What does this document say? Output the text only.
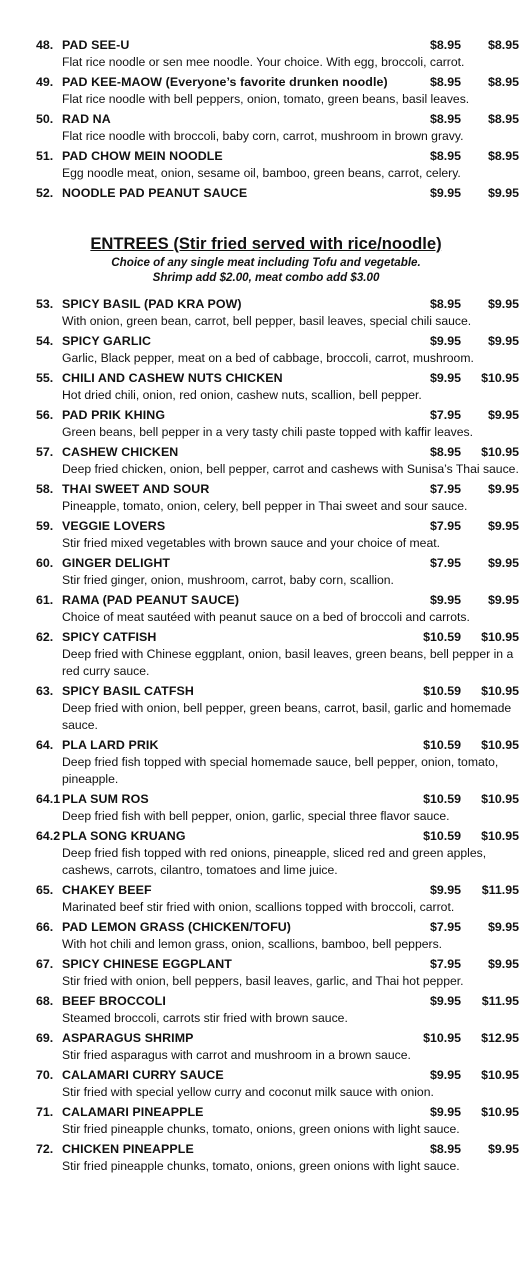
48. PAD SEE-U	$8.95	$8.95
Flat rice noodle or sen mee noodle. Your choice. With egg, broccoli, carrot.
49. PAD KEE-MAOW (Everyone’s favorite drunken noodle)	$8.95	$8.95
Flat rice noodle with bell peppers, onion, tomato, green beans, basil leaves.
50. RAD NA	$8.95	$8.95
Flat rice noodle with broccoli, baby corn, carrot, mushroom in brown gravy.
51. PAD CHOW MEIN NOODLE	$8.95	$8.95
Egg noodle meat, onion, sesame oil, bamboo, green beans, carrot, celery.
52. NOODLE PAD PEANUT SAUCE	$9.95	$9.95
ENTREES (Stir fried served with rice/noodle)
Choice of any single meat including Tofu and vegetable.
Shrimp add $2.00, meat combo add $3.00
53. SPICY BASIL (PAD KRA POW)	$8.95	$9.95
With onion, green bean, carrot, bell pepper, basil leaves, special chili sauce.
54. SPICY GARLIC	$9.95	$9.95
Garlic, Black pepper, meat on a bed of cabbage, broccoli, carrot, mushroom.
55. CHILI AND CASHEW NUTS CHICKEN	$9.95	$10.95
Hot dried chili, onion, red onion, cashew nuts, scallion, bell pepper.
56. PAD PRIK KHING	$7.95	$9.95
Green beans, bell pepper in a very tasty chili paste topped with kaffir leaves.
57. CASHEW CHICKEN	$8.95	$10.95
Deep fried chicken, onion, bell pepper, carrot and cashews with Sunisa’s Thai sauce.
58. THAI SWEET AND SOUR	$7.95	$9.95
Pineapple, tomato, onion, celery, bell pepper in Thai sweet and sour sauce.
59. VEGGIE LOVERS	$7.95	$9.95
Stir fried mixed vegetables with brown sauce and your choice of meat.
60. GINGER DELIGHT	$7.95	$9.95
Stir fried ginger, onion, mushroom, carrot, baby corn, scallion.
61. RAMA (PAD PEANUT SAUCE)	$9.95	$9.95
Choice of meat sautéed with peanut sauce on a bed of broccoli and carrots.
62. SPICY CATFISH	$10.59	$10.95
Deep fried with Chinese eggplant, onion, basil leaves, green beans, bell pepper in a red curry sauce.
63. SPICY BASIL CATFSH	$10.59	$10.95
Deep fried with onion, bell pepper, green beans, carrot, basil, garlic and homemade sauce.
64. PLA LARD PRIK	$10.59	$10.95
Deep fried fish topped with special homemade sauce, bell pepper, onion, tomato, pineapple.
64.1 PLA SUM ROS	$10.59	$10.95
Deep fried fish with bell pepper, onion, garlic, special three flavor sauce.
64.2 PLA SONG KRUANG	$10.59	$10.95
Deep fried fish topped with red onions, pineapple, sliced red and green apples, cashews, carrots, cilantro, tomatoes and lime juice.
65. CHAKEY BEEF	$9.95	$11.95
Marinated beef stir fried with onion, scallions topped with broccoli, carrot.
66. PAD LEMON GRASS (CHICKEN/TOFU)	$7.95	$9.95
With hot chili and lemon grass, onion, scallions, bamboo, bell peppers.
67. SPICY CHINESE EGGPLANT	$7.95	$9.95
Stir fried with onion, bell peppers, basil leaves, garlic, and Thai hot pepper.
68. BEEF BROCCOLI	$9.95	$11.95
Steamed broccoli, carrots stir fried with brown sauce.
69. ASPARAGUS SHRIMP	$10.95	$12.95
Stir fried asparagus with carrot and mushroom in a brown sauce.
70. CALAMARI CURRY SAUCE	$9.95	$10.95
Stir fried with special yellow curry and coconut milk sauce with onion.
71. CALAMARI PINEAPPLE	$9.95	$10.95
Stir fried pineapple chunks, tomato, onions, green onions with light sauce.
72. CHICKEN PINEAPPLE	$8.95	$9.95
Stir fried pineapple chunks, tomato, onions, green onions with light sauce.
